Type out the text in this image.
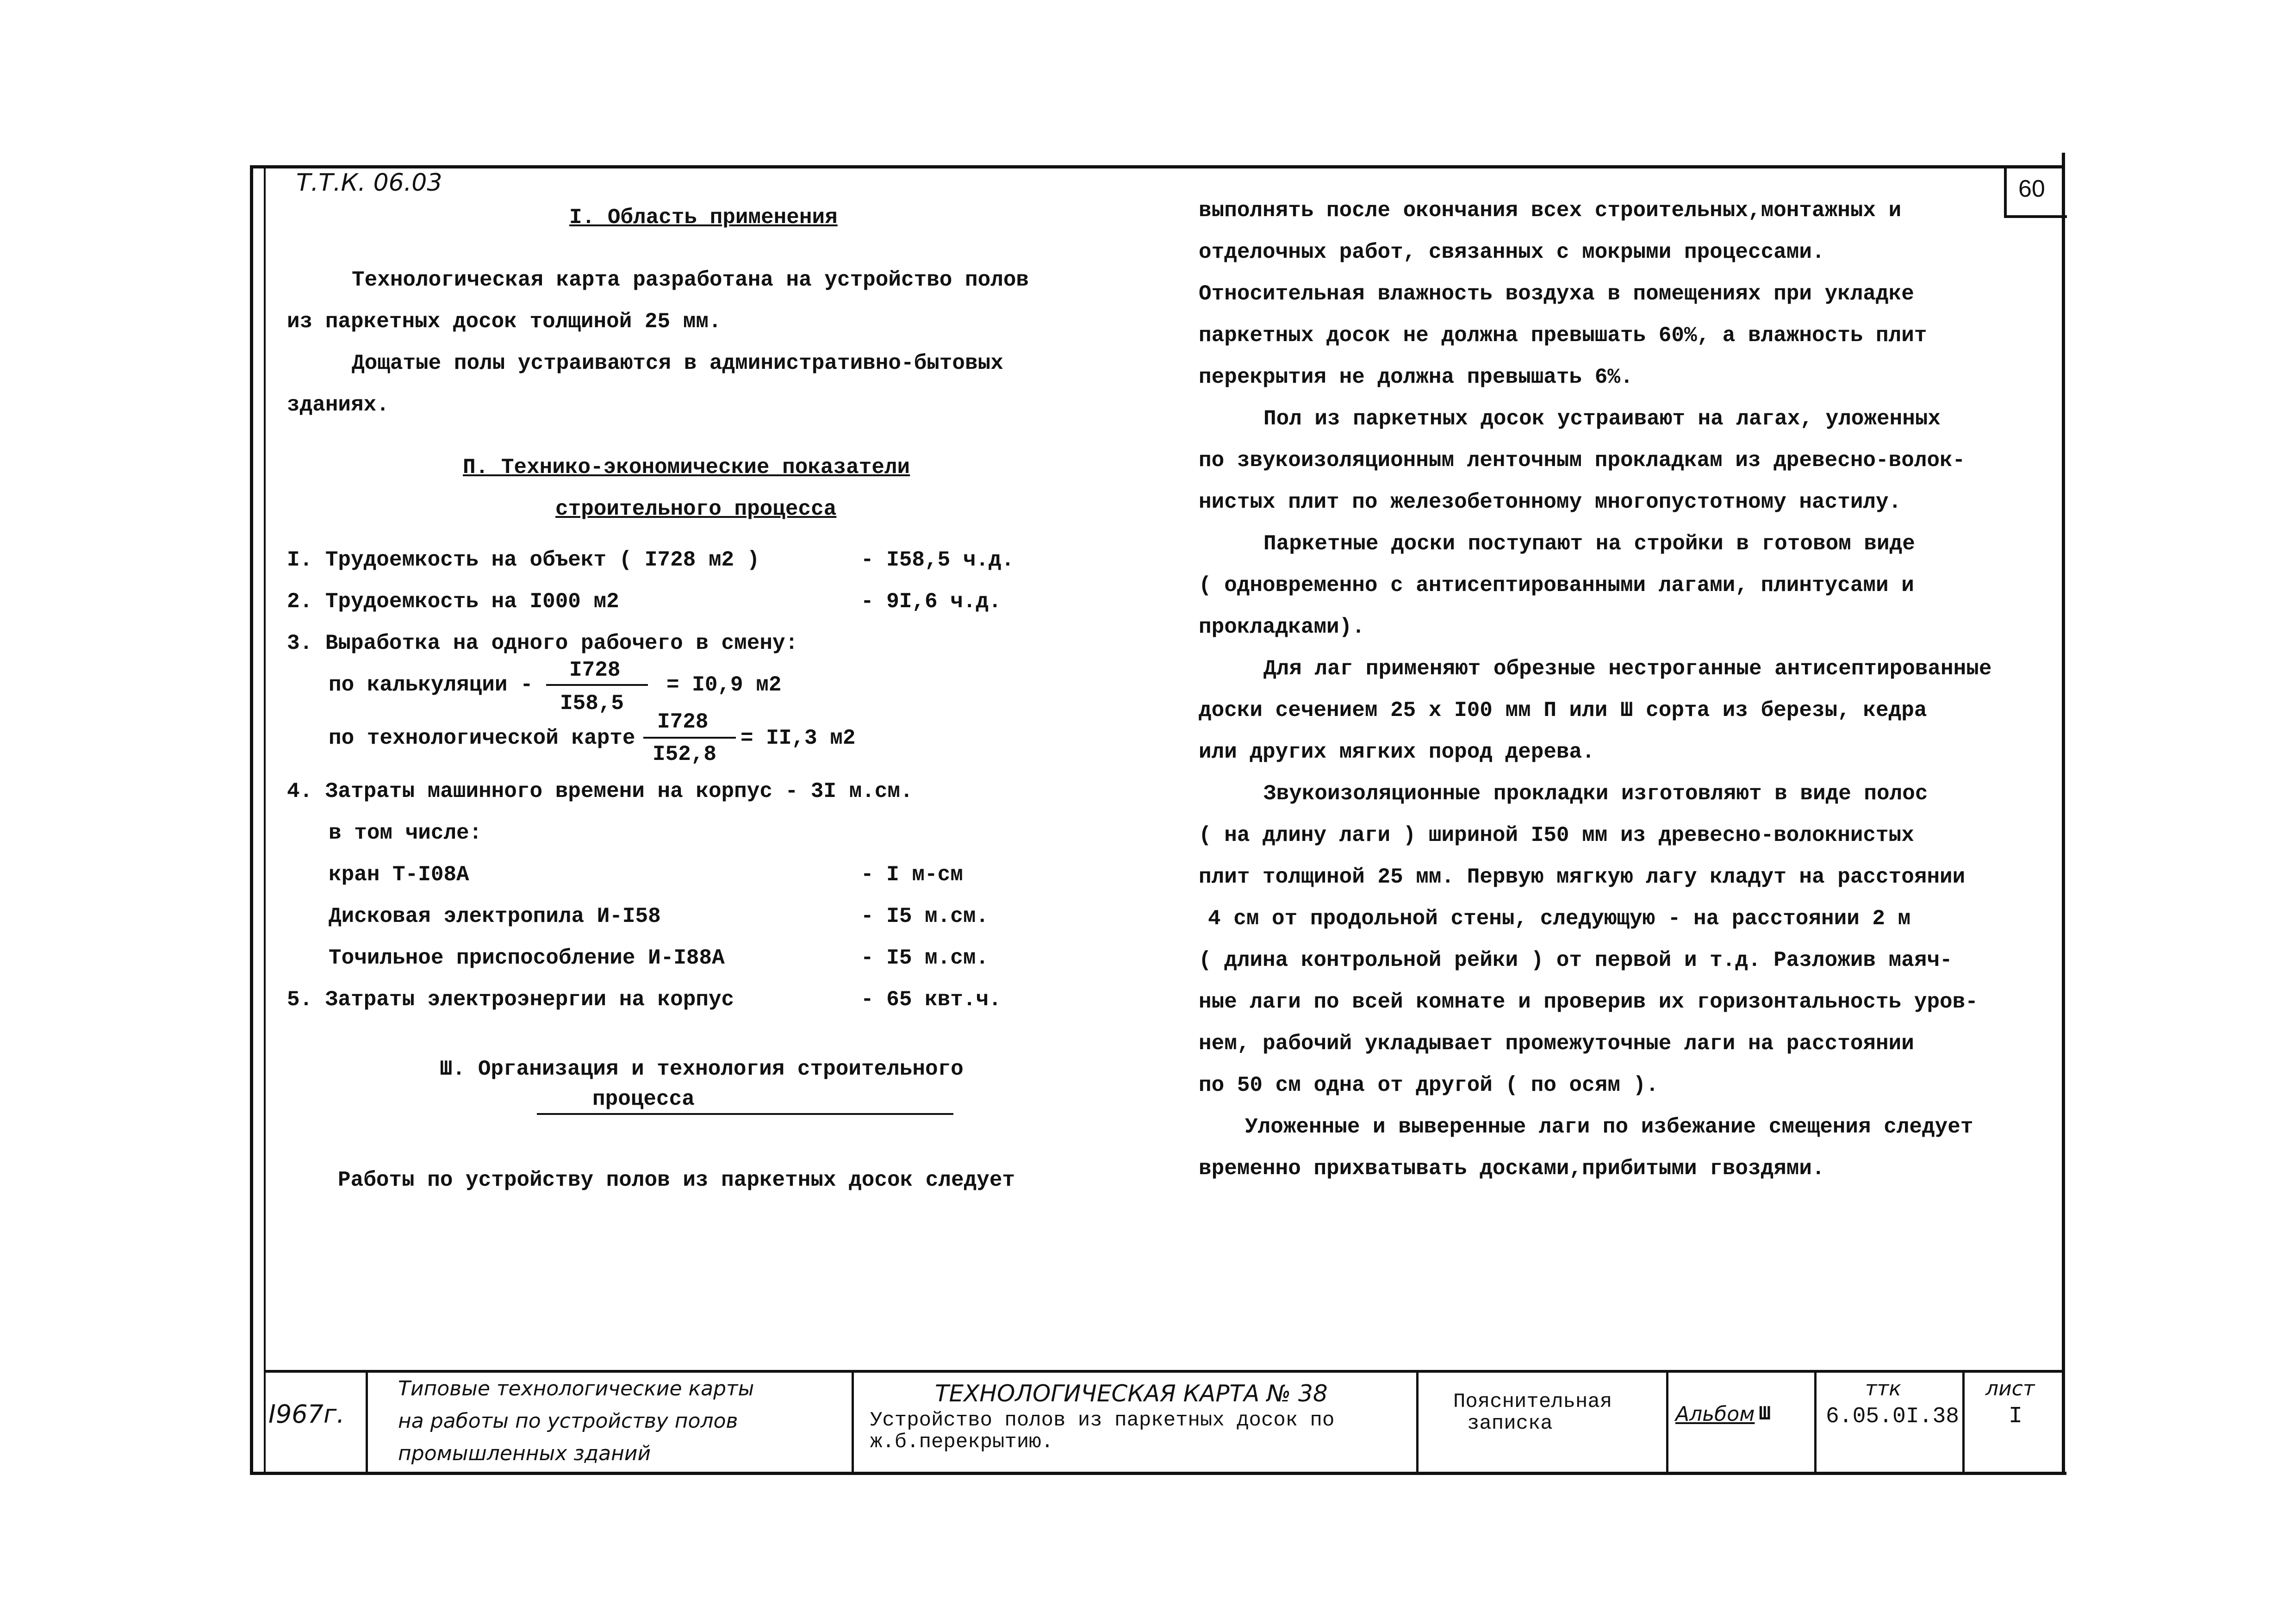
Т.Т.К. 06.03	60
I. Область применения
Технологическая карта разработана на устройство полов
из паркетных досок толщиной 25 мм.
Дощатые полы устраиваются в административно-бытовых
зданиях.
П. Технико-экономические показатели
строительного процесса
I. Трудоемкость на объект ( I728 м2 )	- I58,5 ч.д.
2. Трудоемкость на I000 м2	- 9I,6 ч.д.
3. Выработка на одного рабочего в смену:
по калькуляции -
I728
I58,5
= I0,9 м2
по технологической карте
I728
I52,8
= II,3 м2
4. Затраты машинного времени на корпус - 3I м.см.
в том числе:
кран Т-I08А	- I м-см
Дисковая электропила И-I58	- I5 м.см.
Точильное приспособление И-I88А	- I5 м.см.
5. Затраты электроэнергии на корпус	- 65 квт.ч.
Ш. Организация и технология строительного
процесса
Работы по устройству полов из паркетных досок следует
выполнять после окончания всех строительных,монтажных и
отделочных работ, связанных с мокрыми процессами.
Относительная влажность воздуха в помещениях при укладке
паркетных досок не должна превышать 60%, а влажность плит
перекрытия не должна превышать 6%.
Пол из паркетных досок устраивают на лагах, уложенных
по звукоизоляционным ленточным прокладкам из древесно-волок-
нистых плит по железобетонному многопустотному настилу.
Паркетные доски поступают на стройки в готовом виде
( одновременно с антисептированными лагами, плинтусами и
прокладками).
Для лаг применяют обрезные нестроганные антисептированные
доски сечением 25 х I00 мм П или Ш сорта из березы, кедра
или других мягких пород дерева.
Звукоизоляционные прокладки изготовляют в виде полос
( на длину лаги ) шириной I50 мм из древесно-волокнистых
плит толщиной 25 мм. Первую мягкую лагу кладут на расстоянии
4 см от продольной стены, следующую - на расстоянии 2 м
( длина контрольной рейки ) от первой и т.д. Разложив маяч-
ные лаги по всей комнате и проверив их горизонтальность уров-
нем, рабочий укладывает промежуточные лаги на расстоянии
по 50 см одна от другой ( по осям ).
Уложенные и выверенные лаги по избежание смещения следует
временно прихватывать досками,прибитыми гвоздями.
I967г.
Типовые технологические карты
на работы по устройству полов
промышленных зданий
ТЕХНОЛОГИЧЕСКАЯ КАРТА № 38
Устройство полов из паркетных досок по
ж.б.перекрытию.
Пояснительная
записка	Альбом Ш
ттк
6.05.0I.38
лист
I
